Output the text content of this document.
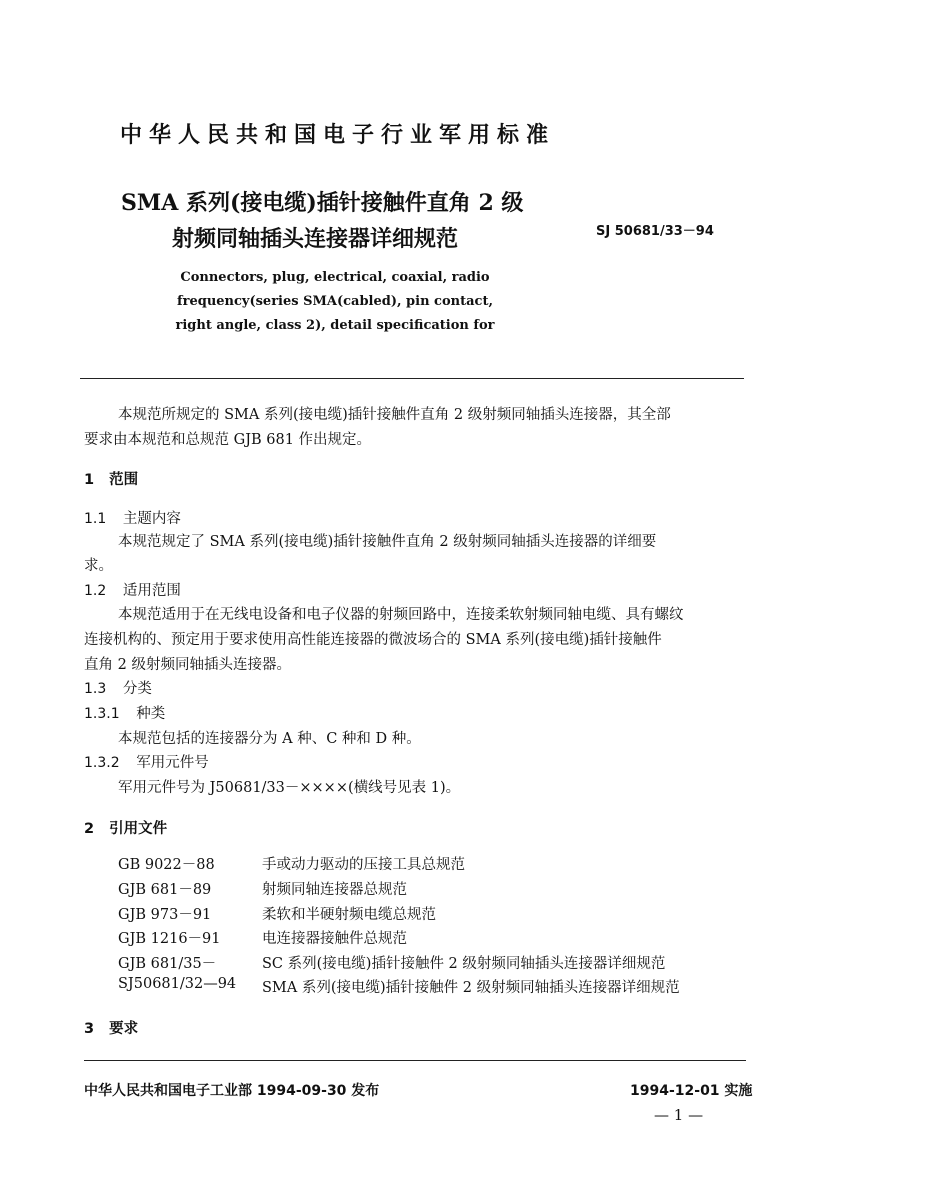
中华人民共和国电子行业军用标准
SMA 系列(接电缆)插针接触件直角 2 级
射频同轴插头连接器详细规范	SJ 50681/33－94
Connectors, plug, electrical, coaxial, radio
frequency(series SMA(cabled), pin contact,
right angle, class 2), detail specification for
本规范所规定的 SMA 系列(接电缆)插针接触件直角 2 级射频同轴插头连接器，其全部
要求由本规范和总规范 GJB 681 作出规定。
1 范围
1.1 主题内容
本规范规定了 SMA 系列(接电缆)插针接触件直角 2 级射频同轴插头连接器的详细要
求。
1.2 适用范围
本规范适用于在无线电设备和电子仪器的射频回路中，连接柔软射频同轴电缆、具有螺纹
连接机构的、预定用于要求使用高性能连接器的微波场合的 SMA 系列(接电缆)插针接触件
直角 2 级射频同轴插头连接器。
1.3 分类
1.3.1 种类
本规范包括的连接器分为 A 种、C 种和 D 种。
1.3.2 军用元件号
军用元件号为 J50681/33－××××(横线号见表 1)。
2 引用文件
GB 9022－88	手或动力驱动的压接工具总规范
GJB 681－89	射频同轴连接器总规范
GJB 973－91	柔软和半硬射频电缆总规范
GJB 1216－91	电连接器接触件总规范
GJB 681/35－	SC 系列(接电缆)插针接触件 2 级射频同轴插头连接器详细规范
SJ50681/32—94 SMA 系列(接电缆)插针接触件 2 级射频同轴插头连接器详细规范
3 要求
中华人民共和国电子工业部 1994-09-30 发布	1994-12-01 实施
— 1 —
